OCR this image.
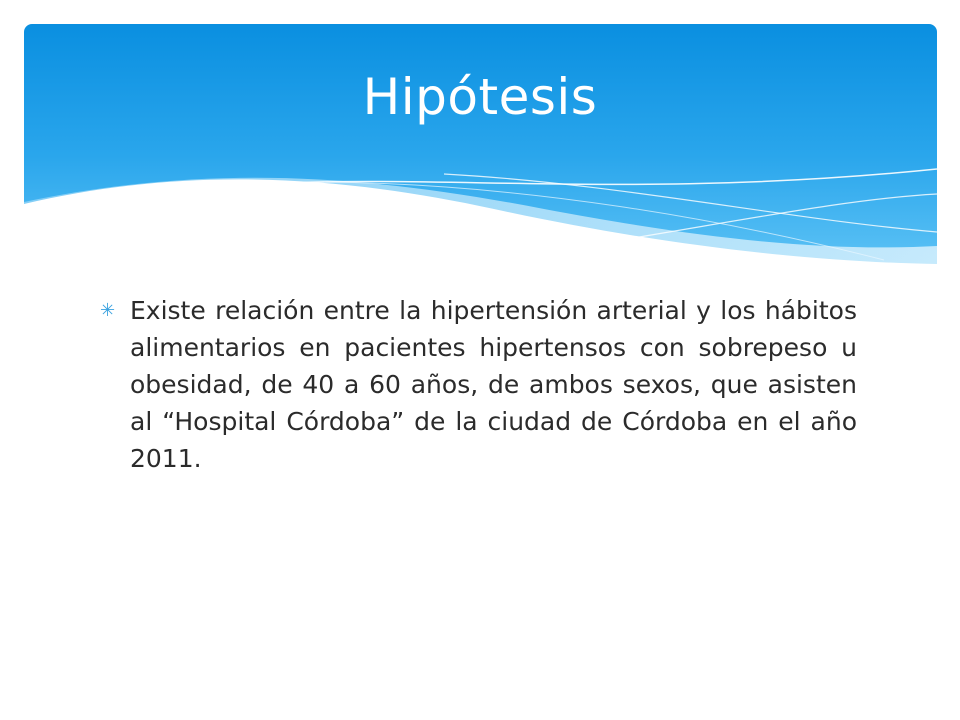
Hipótesis
✳ Existe relación entre la hipertensión arterial y los hábitos alimentarios en pacientes hipertensos con sobrepeso u obesidad, de 40 a 60 años, de ambos sexos, que asisten al “Hospital Córdoba” de la ciudad de Córdoba en el año 2011.
